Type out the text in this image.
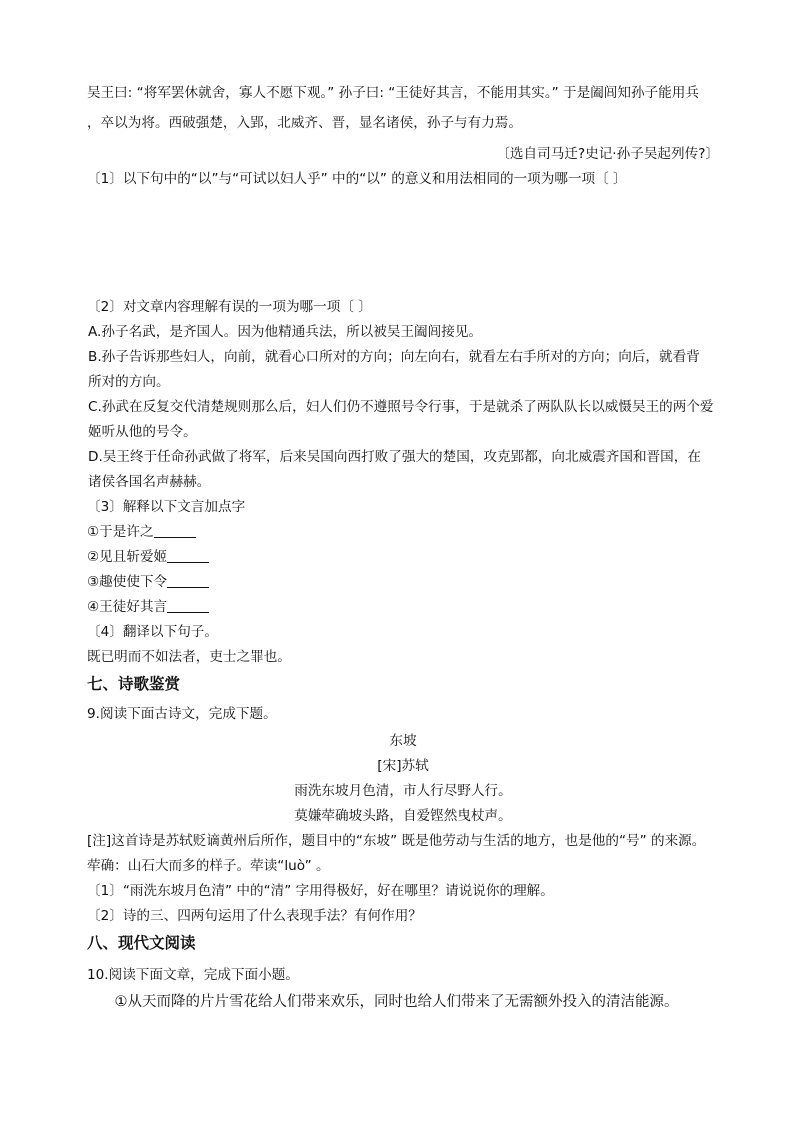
吴王曰: “将军罢休就舍，寡人不愿下观。” 孙子曰: “王徒好其言，不能用其实。” 于是阖闾知孙子能用兵
，卒以为将。西破强楚，入郢，北威齐、晋，显名诸侯，孙子与有力焉。
〔选自司马迁?史记·孙子吴起列传?〕
〔1〕以下句中的“以”与“可试以妇人乎” 中的“以” 的意义和用法相同的一项为哪一项〔 〕
〔2〕对文章内容理解有误的一项为哪一项〔 〕
A.孙子名武，是齐国人。因为他精通兵法，所以被吴王阖闾接见。
B.孙子告诉那些妇人，向前，就看心口所对的方向；向左向右，就看左右手所对的方向；向后，就看背
所对的方向。
C.孙武在反复交代清楚规则那么后，妇人们仍不遵照号令行事，于是就杀了两队队长以威慑吴王的两个爱
姬听从他的号令。
D.吴王终于任命孙武做了将军，后来吴国向西打败了强大的楚国，攻克郢都，向北威震齐国和晋国，在
诸侯各国名声赫赫。
〔3〕解释以下文言加点字
①于是许之
②见且斩爱姬
③趣使使下令
④王徒好其言
〔4〕翻译以下句子。
既已明而不如法者，吏士之罪也。
七、诗歌鉴赏
9.阅读下面古诗文，完成下题。
东坡
[宋]苏轼
雨洗东坡月色清，市人行尽野人行。
莫嫌荦确坡头路，自爱铿然曳杖声。
[注]这首诗是苏轼贬谪黄州后所作，题目中的“东坡” 既是他劳动与生活的地方，也是他的“号” 的来源。
荦确：山石大而多的样子。荦读“luò” 。
〔1〕“雨洗东坡月色清” 中的“清” 字用得极好，好在哪里？请说说你的理解。
〔2〕诗的三、四两句运用了什么表现手法？有何作用？
八、现代文阅读
10.阅读下面文章，完成下面小题。
①从天而降的片片雪花给人们带来欢乐，同时也给人们带来了无需额外投入的清洁能源。
